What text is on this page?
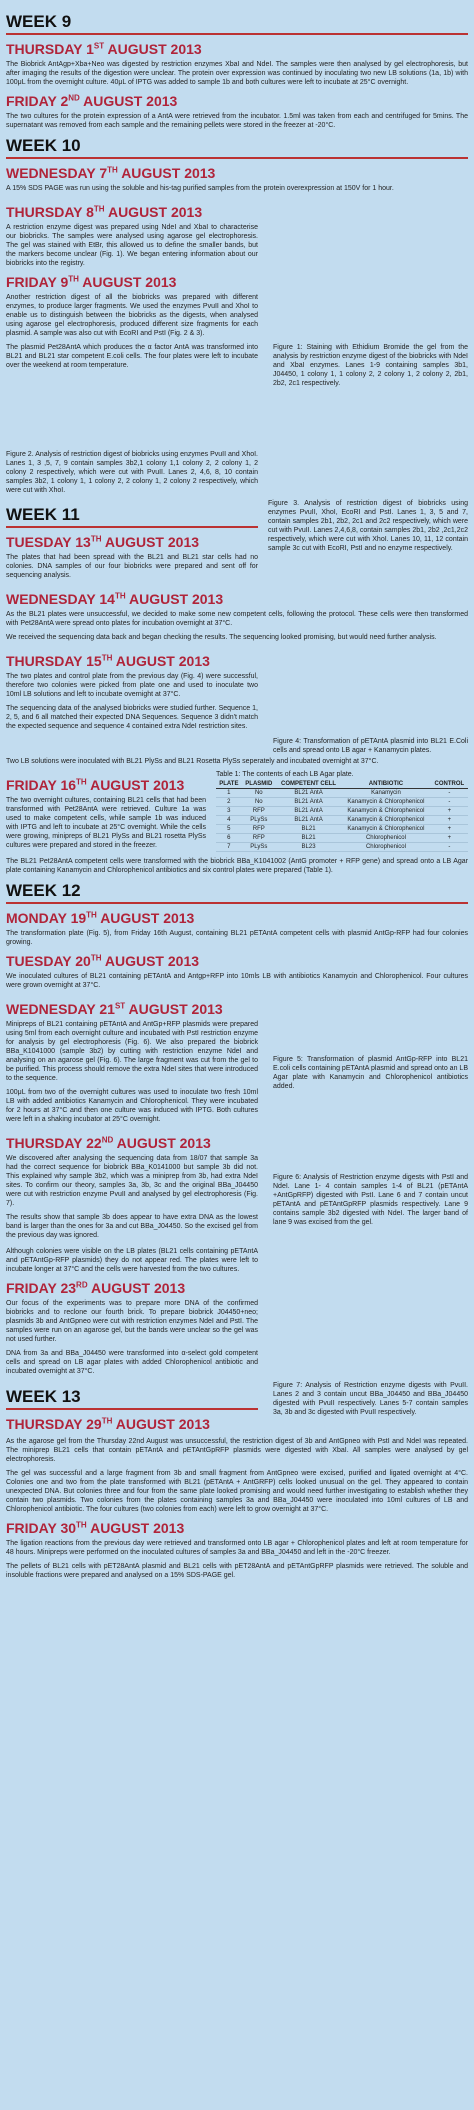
WEEK 9
THURSDAY 1ST AUGUST 2013

The Biobrick AntAgp+Xba+Neo was digested by restriction enzymes XbaI and NdeI. The samples were then analysed by gel electrophoresis, but after imaging the results of the digestion were unclear. The protein over expression was continued by inoculating two new LB solutions (1a, 1b) with 100μL from the overnight culture. 40μL of IPTG was added to sample 1b and both cultures were left to incubate at 25°C overnight.

FRIDAY 2ND AUGUST 2013

The two cultures for the protein expression of a AntA were retrieved from the incubator. 1.5ml was taken from each and centrifuged for 5mins. The supernatant was removed from each sample and the remaining pellets were stored in the freezer at -20°C.

WEEK 10
WEDNESDAY 7TH AUGUST 2013

A 15% SDS PAGE was run using the soluble and his-tag purified samples from the protein overexpression at 150V for 1 hour.

THURSDAY 8TH AUGUST 2013

A restriction enzyme digest was prepared using NdeI and XbaI to characterise our biobricks. The samples were analysed using agarose gel electrophoresis. The gel was stained with EtBr, this allowed us to define the smaller bands, but the markers become unclear (Fig. 1). We began entering information about our biobricks into the registry.

FRIDAY 9TH AUGUST 2013

Another restriction digest of all the biobricks was prepared with different enzymes, to produce larger fragments. We used the enzymes PvuII and XhoI to enable us to distinguish between the biobricks as the digests, when analysed using agarose gel electrophoresis, produced different size fragments for each plasmid. A sample was also cut with EcoRI and PstI (Fig. 2 & 3).

The plasmid Pet28AntA which produces the α factor AntA was transformed into BL21 and BL21 star competent E.coli cells. The four plates were left to incubate over the weekend at room temperature.

Figure 1: Staining with Ethidium Bromide the gel from the analysis by restriction enzyme digest of the biobricks with NdeI and XbaI enzymes. Lanes 1-9 containing samples 3b1, J04450, 1 colony 1, 1 colony 2, 2 colony 1, 2 colony 2, 2b1, 2b2, 2c1 respectively.
Figure 2. Analysis of restriction digest of biobricks using enzymes PvuII and XhoI. Lanes 1, 3 ,5, 7, 9 contain samples 3b2,1 colony 1,1 colony 2, 2 colony 1, 2 colony 2 respectively, which were cut with PvuII. Lanes 2, 4,6, 8, 10 contain samples 3b2, 1 colony 1, 1 colony 2, 2 colony 1, 2 colony 2 respectively, which were cut with XhoI.
WEEK 11
TUESDAY 13TH AUGUST 2013

The plates that had been spread with the BL21 and BL21 star cells had no colonies. DNA samples of our four biobricks were prepared and sent off for sequencing analysis.

Figure 3. Analysis of restriction digest of biobricks using enzymes PvuII, XhoI, EcoRI and PstI. Lanes 1, 3, 5 and 7, contain samples 2b1, 2b2, 2c1 and 2c2 respectively, which were cut with PvuII. Lanes 2,4,6,8, contain samples 2b1, 2b2 ,2c1,2c2 respectively, which were cut with XhoI. Lanes 10, 11, 12 contain sample 3c cut with EcoRI, PstI and no enzyme respectively.
WEDNESDAY 14TH AUGUST 2013

As the BL21 plates were unsuccessful, we decided to make some new competent cells, following the protocol. These cells were then transformed with Pet28AntA were spread onto plates for incubation overnight at 37°C.

We received the sequencing data back and began checking the results. The sequencing looked promising, but would need further analysis.

THURSDAY 15TH AUGUST 2013

The two plates and control plate from the previous day (Fig. 4) were successful, therefore two colonies were picked from plate one and used to inoculate two 10ml LB solutions and left to incubate overnight at 37°C.

The sequencing data of the analysed biobricks were studied further. Sequence 1, 2, 5, and 6 all matched their expected DNA Sequences. Sequence 3 didn't match the expected sequence and sequence 4 contained extra NdeI restriction sites.

Figure 4: Transformation of pETAntA plasmid into BL21 E.Coli cells and spread onto LB agar + Kanamycin plates.

Two LB solutions were inoculated with BL21 PlySs and BL21 Rosetta PlySs seperately and incubated overnight at 37°C.

FRIDAY 16TH AUGUST 2013

The two overnight cultures, containing BL21 cells that had been transformed with Pet28AntA were retrieved. Culture 1a was used to make competent cells, while sample 1b was induced with IPTG and left to incubate at 25°C overnight. While the cells were growing, minipreps of BL21 PlySs and BL21 rosetta PlySs cultures were prepared and stored in the freezer.

Table 1: The contents of each LB Agar plate.
PLATE	PLASMID	COMPETENT CELL	ANTIBIOTIC	CONTROL
1	No	BL21 AntA	Kanamycin	-
2	No	BL21 AntA	Kanamycin & Chlorophenicol	-
3	RFP	BL21 AntA	Kanamycin & Chlorophenicol	+
4	PLySs	BL21 AntA	Kanamycin & Chlorophenicol	+
5	RFP	BL21	Kanamycin & Chlorophenicol	+
6	RFP	BL21	Chlorophenicol	+
7	PLySs	BL23	Chlorophenicol	-

The BL21 Pet28AntA competent cells were transformed with the biobrick BBa_K1041002 (AntG promoter + RFP gene) and spread onto a LB Agar plate containing Kanamycin and Chlorophenicol antibiotics and six control plates were prepared (Table 1).

WEEK 12
MONDAY 19TH AUGUST 2013

The transformation plate (Fig. 5), from Friday 16th August, containing BL21 pETAntA competent cells with plasmid AntGp-RFP had four colonies growing.

TUESDAY 20TH AUGUST 2013

We inoculated cultures of BL21 containing pETAntA and Antgp+RFP into 10mls LB with antibiotics Kanamycin and Chlorophenicol. Four cultures were grown overnight at 37°C.

WEDNESDAY 21ST AUGUST 2013

Minipreps of BL21 containing pETAntA and AntGp+RFP plasmids were prepared using 5ml from each overnight culture and incubated with PstI restriction enzyme for analysis by gel electrophoresis (Fig. 6). We also prepared the biobrick BBa_K1041000 (sample 3b2) by cutting with restriction enzyme NdeI and analysing on an agarose gel (Fig. 6). The large fragment was cut from the gel to be purified. This process should remove the extra NdeI sites that were introduced to the sequence.

100μL from two of the overnight cultures was used to inoculate two fresh 10ml LB with added antibiotics Kanamycin and Chlorophenicol. They were incubated for 2 hours at 37°C and then one culture was induced with IPTG. Both cultures were left in a shaking incubator at 25°C overnight.

Figure 5: Transformation of plasmid AntGp-RFP into BL21 E.coli cells containing pETAntA plasmid and spread onto an LB Agar plate with Kanamycin and Chlorophenicol antibiotics added.
THURSDAY 22ND AUGUST 2013

We discovered after analysing the sequencing data from 18/07 that sample 3a had the correct sequence for biobrick BBa_K0141000 but sample 3b did not. This explained why sample 3b2, which was a miniprep from 3b, had extra NdeI sites. To confirm our theory, samples 3a, 3b, 3c and the original BBa_J04450 were cut with restriction enzyme PvuII and analysed by gel electrophoresis (Fig. 7).

The results show that sample 3b does appear to have extra DNA as the lowest band is larger than the ones for 3a and cut BBa_J04450. So the excised gel from the previous day was ignored.

Figure 6: Analysis of Restriction enzyme digests with PstI and NdeI. Lane 1- 4 contain samples 1-4 of BL21 (pETAntA +AntGpRFP) digested with PstI. Lane 6 and 7 contain uncut pETAntA and pETAntGpRFP plasmids respectively. Lane 9 contains sample 3b2 digested with NdeI. The larger band of lane 9 was excised from the gel.

Although colonies were visible on the LB plates (BL21 cells containing pETAntA and pETAntGp-RFP plasmids) they do not appear red. The plates were left to incubate longer at 37°C and the cells were harvested from the two cultures.

FRIDAY 23RD AUGUST 2013

Our focus of the experiments was to prepare more DNA of the confirmed biobricks and to reclone our fourth brick. To prepare biobrick J04450+neo; plasmids 3b and AntGpneo were cut with restriction enzymes NdeI and PstI. The samples were run on an agarose gel, but the bands were unclear so the gel was not used further.

DNA from 3a and BBa_J04450 were transformed into α-select gold competent cells and spread on LB agar plates with added Chlorophenicol antibiotic and incubated overnight at 37°C.

WEEK 13
THURSDAY 29TH AUGUST 2013
Figure 7: Analysis of Restriction enzyme digests with PvuII. Lanes 2 and 3 contain uncut BBa_J04450 and BBa_J04450 digested with PvuII respectively. Lanes 5-7 contain samples 3a, 3b and 3c digested with PvuII respectively.

As the agarose gel from the Thursday 22nd August was unsuccessful, the restriction digest of 3b and AntGpneo with PstI and NdeI was repeated. The miniprep BL21 cells that contain pETAntA and pETAntGpRFP plasmids were digested with XbaI. All samples were analysed by gel electrophoresis.

The gel was successful and a large fragment from 3b and small fragment from AntGpneo were excised, purified and ligated overnight at 4°C. Colonies one and two from the plate transformed with BL21 (pETAntA + AntGRFP) cells looked unusual on the gel. They appeared to contain unexpected DNA. But colonies three and four from the same plate looked promising and would need further investigating to establish whether they contain two plasmids. Two colonies from the plates containing samples 3a and BBa_J04450 were inoculated into 10ml cultures of LB and Chlorophenicol antibiotic. The four cultures (two colonies from each) were left to grow overnight at 37°C.

FRIDAY 30TH AUGUST 2013

The ligation reactions from the previous day were retrieved and transformed onto LB agar + Chlorophenicol plates and left at room temperature for 48 hours. Minipreps were performed on the inoculated cultures of samples 3a and BBa_J04450 and left in the -20°C freezer.

The pellets of BL21 cells with pET28AntA plasmid and BL21 cells with pET28AntA and pETAntGpRFP plasmids were retrieved. The soluble and insoluble fractions were prepared and analysed on a 15% SDS-PAGE gel.
